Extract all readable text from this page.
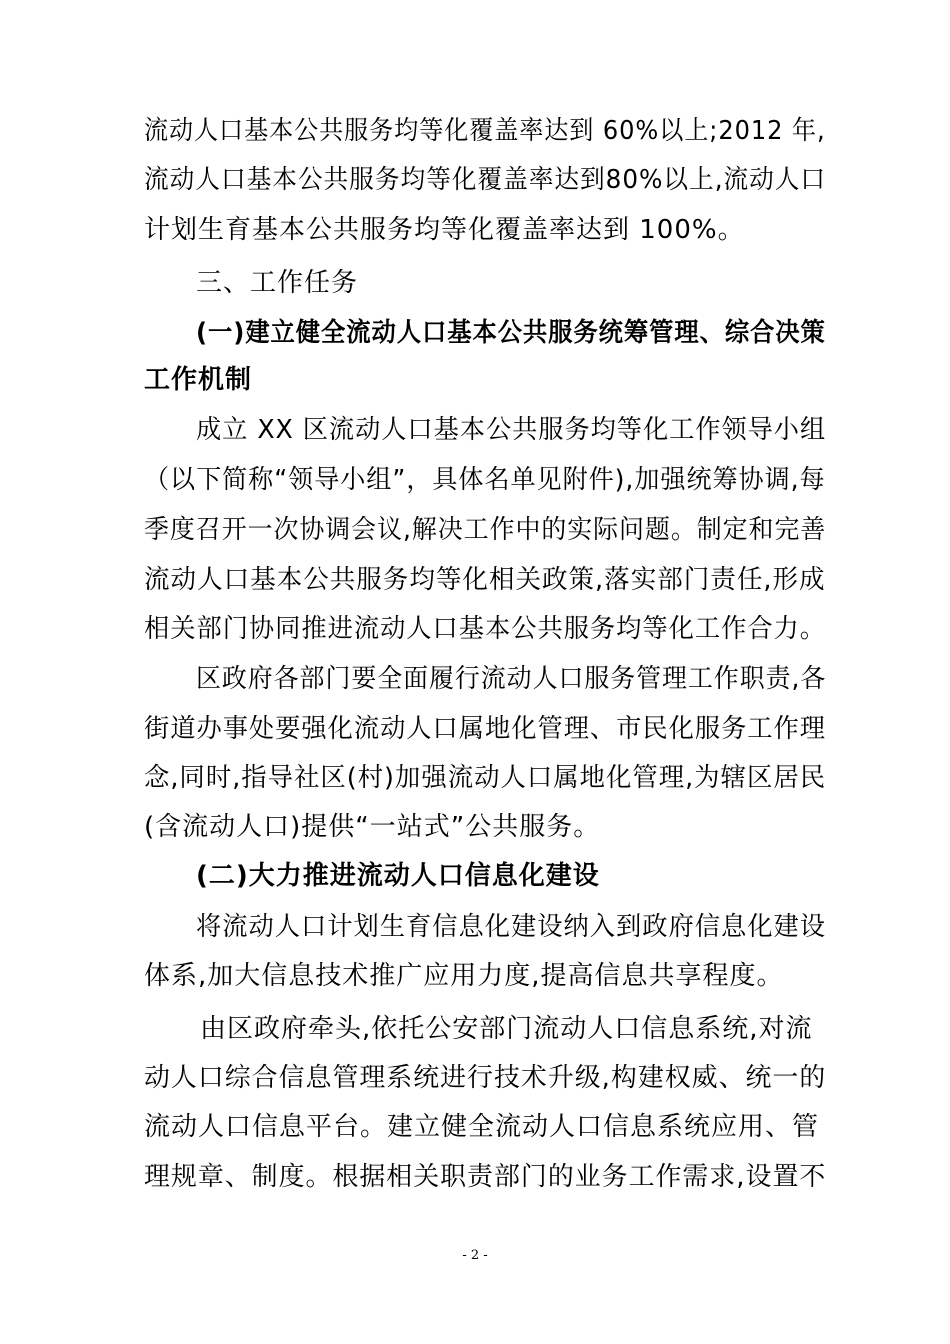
流动人口基本公共服务均等化覆盖率达到 60%以上;2012 年,
流动人口基本公共服务均等化覆盖率达到80%以上,流动人口
计划生育基本公共服务均等化覆盖率达到 100%。
三、工作任务
(一)建立健全流动人口基本公共服务统筹管理、综合决策
工作机制
成立 XX 区流动人口基本公共服务均等化工作领导小组
（以下简称“领导小组”，具体名单见附件),加强统筹协调,每
季度召开一次协调会议,解决工作中的实际问题。制定和完善
流动人口基本公共服务均等化相关政策,落实部门责任,形成
相关部门协同推进流动人口基本公共服务均等化工作合力。
区政府各部门要全面履行流动人口服务管理工作职责,各
街道办事处要强化流动人口属地化管理、市民化服务工作理
念,同时,指导社区(村)加强流动人口属地化管理,为辖区居民
(含流动人口)提供“一站式”公共服务。
(二)大力推进流动人口信息化建设
将流动人口计划生育信息化建设纳入到政府信息化建设
体系,加大信息技术推广应用力度,提高信息共享程度。
由区政府牵头,依托公安部门流动人口信息系统,对流
动人口综合信息管理系统进行技术升级,构建权威、统一的
流动人口信息平台。建立健全流动人口信息系统应用、管
理规章、制度。根据相关职责部门的业务工作需求,设置不
- 2 -
